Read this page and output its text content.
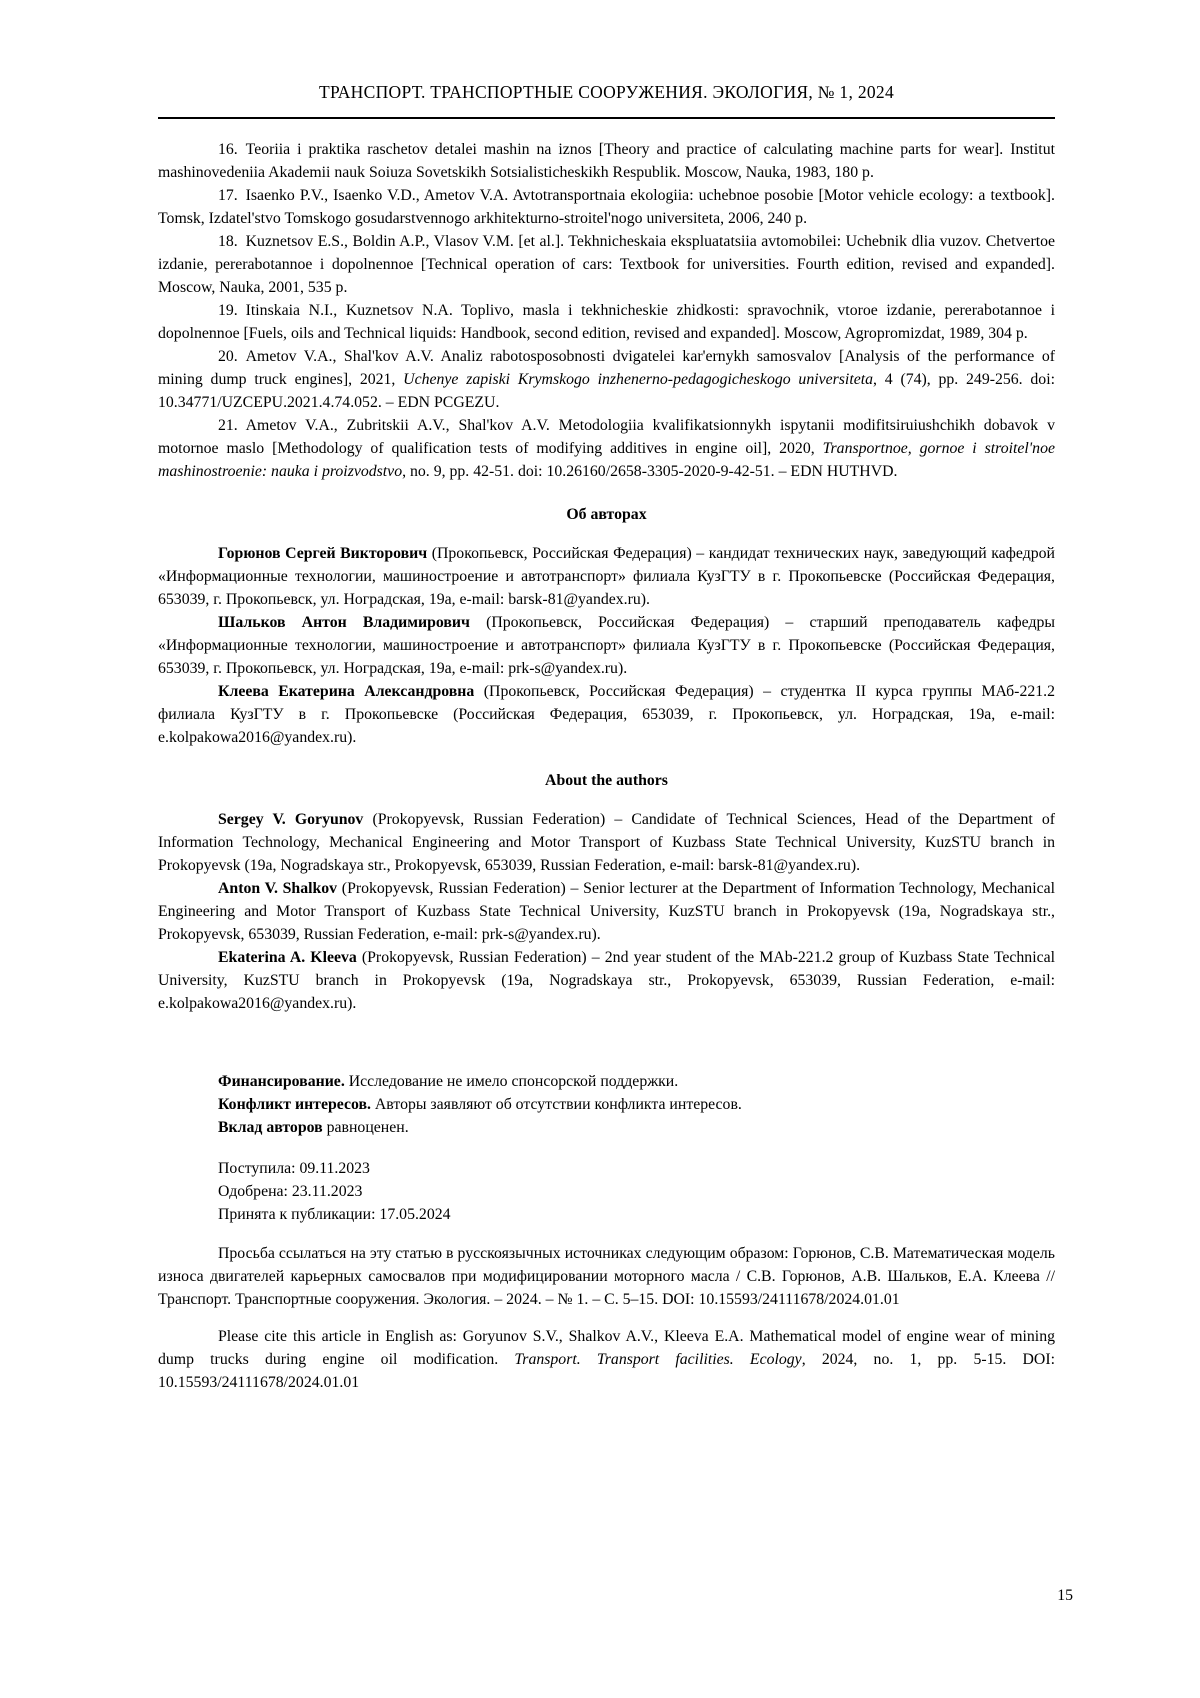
ТРАНСПОРТ. ТРАНСПОРТНЫЕ СООРУЖЕНИЯ. ЭКОЛОГИЯ, № 1, 2024

16. Teoriia i praktika raschetov detalei mashin na iznos [Theory and practice of calculating machine parts for wear]. Institut mashinovedeniia Akademii nauk Soiuza Sovetskikh Sotsialisticheskikh Respublik. Moscow, Nauka, 1983, 180 p.

17. Isaenko P.V., Isaenko V.D., Ametov V.A. Avtotransportnaia ekologiia: uchebnoe posobie [Motor vehicle ecology: a textbook]. Tomsk, Izdatel'stvo Tomskogo gosudarstvennogo arkhitekturno-stroitel'nogo universiteta, 2006, 240 p.

18. Kuznetsov E.S., Boldin A.P., Vlasov V.M. [et al.]. Tekhnicheskaia ekspluatatsiia avtomobilei: Uchebnik dlia vuzov. Chetvertoe izdanie, pererabotannoe i dopolnennoe [Technical operation of cars: Textbook for universities. Fourth edition, revised and expanded]. Moscow, Nauka, 2001, 535 p.

19. Itinskaia N.I., Kuznetsov N.A. Toplivo, masla i tekhnicheskie zhidkosti: spravochnik, vtoroe izdanie, pererabotannoe i dopolnennoe [Fuels, oils and Technical liquids: Handbook, second edition, revised and expanded]. Moscow, Agropromizdat, 1989, 304 p.

20. Ametov V.A., Shal'kov A.V. Analiz rabotosposobnosti dvigatelei kar'ernykh samosvalov [Analysis of the performance of mining dump truck engines], 2021, Uchenye zapiski Krymskogo inzhenerno-pedagogicheskogo universiteta, 4 (74), pp. 249-256. doi: 10.34771/UZCEPU.2021.4.74.052. – EDN PCGEZU.

21. Ametov V.A., Zubritskii A.V., Shal'kov A.V. Metodologiia kvalifikatsionnykh ispytanii modifitsiruiushchikh dobavok v motornoe maslo [Methodology of qualification tests of modifying additives in engine oil], 2020, Transportnoe, gornoe i stroitel'noe mashinostroenie: nauka i proizvodstvo, no. 9, pp. 42-51. doi: 10.26160/2658-3305-2020-9-42-51. – EDN HUTHVD.

Об авторах

Горюнов Сергей Викторович (Прокопьевск, Российская Федерация) – кандидат технических наук, заведующий кафедрой «Информационные технологии, машиностроение и автотранспорт» филиала КузГТУ в г. Прокопьевске (Российская Федерация, 653039, г. Прокопьевск, ул. Ноградская, 19а, e-mail: barsk-81@yandex.ru).

Шальков Антон Владимирович (Прокопьевск, Российская Федерация) – старший преподаватель кафедры «Информационные технологии, машиностроение и автотранспорт» филиала КузГТУ в г. Прокопьевске (Российская Федерация, 653039, г. Прокопьевск, ул. Ноградская, 19а, e-mail: prk-s@yandex.ru).

Клеева Екатерина Александровна (Прокопьевск, Российская Федерация) – студентка II курса группы МАб-221.2 филиала КузГТУ в г. Прокопьевске (Российская Федерация, 653039, г. Прокопьевск, ул. Ноградская, 19а, e-mail: e.kolpakowa2016@yandex.ru).

About the authors

Sergey V. Goryunov (Prokopyevsk, Russian Federation) – Candidate of Technical Sciences, Head of the Department of Information Technology, Mechanical Engineering and Motor Transport of Kuzbass State Technical University, KuzSTU branch in Prokopyevsk (19a, Nogradskaya str., Prokopyevsk, 653039, Russian Federation, e-mail: barsk-81@yandex.ru).

Anton V. Shalkov (Prokopyevsk, Russian Federation) – Senior lecturer at the Department of Information Technology, Mechanical Engineering and Motor Transport of Kuzbass State Technical University, KuzSTU branch in Prokopyevsk (19a, Nogradskaya str., Prokopyevsk, 653039, Russian Federation, e-mail: prk-s@yandex.ru).

Ekaterina A. Kleeva (Prokopyevsk, Russian Federation) – 2nd year student of the MAb-221.2 group of Kuzbass State Technical University, KuzSTU branch in Prokopyevsk (19a, Nogradskaya str., Prokopyevsk, 653039, Russian Federation, e-mail: e.kolpakowa2016@yandex.ru).

Финансирование. Исследование не имело спонсорской поддержки.

Конфликт интересов. Авторы заявляют об отсутствии конфликта интересов.

Вклад авторов равноценен.

Поступила: 09.11.2023

Одобрена: 23.11.2023

Принята к публикации: 17.05.2024

Просьба ссылаться на эту статью в русскоязычных источниках следующим образом: Горюнов, С.В. Математическая модель износа двигателей карьерных самосвалов при модифицировании моторного масла / С.В. Горюнов, А.В. Шальков, Е.А. Клеева // Транспорт. Транспортные сооружения. Экология. – 2024. – № 1. – С. 5–15. DOI: 10.15593/24111678/2024.01.01

Please cite this article in English as: Goryunov S.V., Shalkov A.V., Kleeva E.A. Mathematical model of engine wear of mining dump trucks during engine oil modification. Transport. Transport facilities. Ecology, 2024, no. 1, pp. 5-15. DOI: 10.15593/24111678/2024.01.01

15
